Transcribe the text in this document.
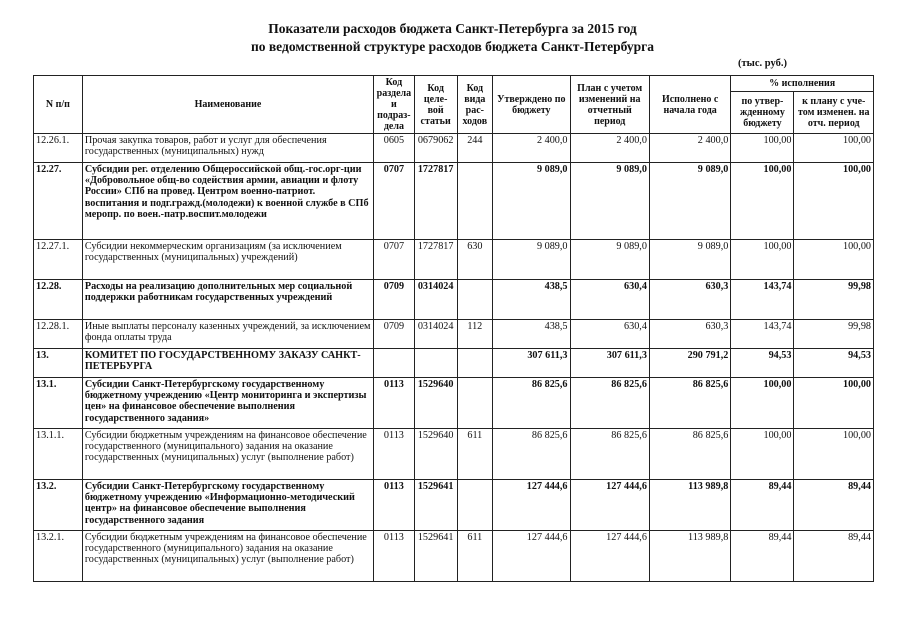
Показатели расходов бюджета Санкт-Петербурга за 2015 год
по ведомственной структуре расходов бюджета Санкт-Петербурга
(тыс. руб.)
N п/п	Наименование	Код раздела и подраз-дела	Код целе-вой статьи	Код вида рас-ходов	Утверждено по бюджету	План с учетом изменений на отчетный период	Исполнено с начала года	% исполнения	
								по утвер-жденному бюджету	к плану с уче-том изменен. на отч. период
12.26.1.	Прочая закупка товаров, работ и услуг для обеспечения государственных (муниципальных) нужд	0605	0679062	244	2 400,0	2 400,0	2 400,0	100,00	100,00
12.27.	Субсидии рег. отделению Общероссийской общ.-гос.орг-ции «Добровольное общ-во содействия армии, авиации и флоту России» СПб на провед. Центром военно-патриот. воспитания и подг.гражд.(молодежи) к военной службе в СПб меропр. по воен.-патр.воспит.молодежи	0707	1727817		9 089,0	9 089,0	9 089,0	100,00	100,00
12.27.1.	Субсидии некоммерческим организациям (за исключением государственных (муниципальных) учреждений)	0707	1727817	630	9 089,0	9 089,0	9 089,0	100,00	100,00
12.28.	Расходы на реализацию дополнительных мер социальной поддержки работникам государственных учреждений	0709	0314024		438,5	630,4	630,3	143,74	99,98
12.28.1.	Иные выплаты персоналу казенных учреждений, за исключением фонда оплаты труда	0709	0314024	112	438,5	630,4	630,3	143,74	99,98
13.	КОМИТЕТ ПО ГОСУДАРСТВЕННОМУ ЗАКАЗУ САНКТ-ПЕТЕРБУРГА				307 611,3	307 611,3	290 791,2	94,53	94,53
13.1.	Субсидии Санкт-Петербургскому государственному бюджетному учреждению «Центр мониторинга и экспертизы цен» на финансовое обеспечение выполнения государственного задания»	0113	1529640		86 825,6	86 825,6	86 825,6	100,00	100,00
13.1.1.	Субсидии бюджетным учреждениям на финансовое обеспечение государственного (муниципального) задания на оказание государственных (муниципальных) услуг (выполнение работ)	0113	1529640	611	86 825,6	86 825,6	86 825,6	100,00	100,00
13.2.	Субсидии Санкт-Петербургскому государственному бюджетному учреждению «Информационно-методический центр» на финансовое обеспечение выполнения государственного задания	0113	1529641		127 444,6	127 444,6	113 989,8	89,44	89,44
13.2.1.	Субсидии бюджетным учреждениям на финансовое обеспечение государственного (муниципального) задания на оказание государственных (муниципальных) услуг (выполнение работ)	0113	1529641	611	127 444,6	127 444,6	113 989,8	89,44	89,44
